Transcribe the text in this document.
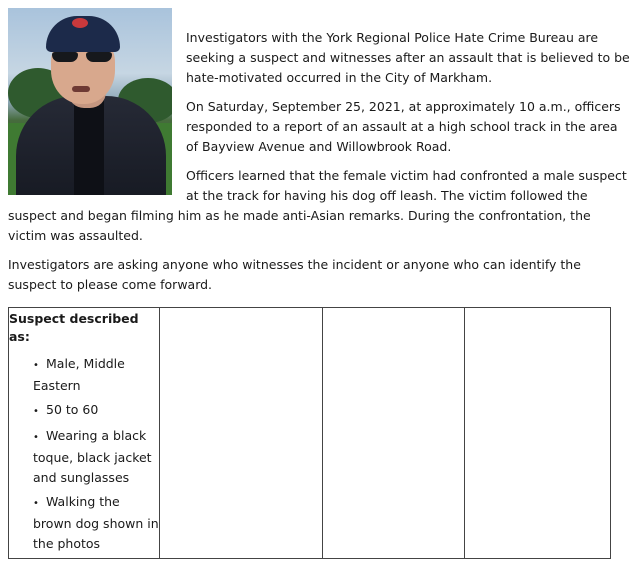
Investigators with the York Regional Police Hate Crime Bureau are seeking a suspect and witnesses after an assault that is believed to be hate-motivated occurred in the City of Markham.

On Saturday, September 25, 2021, at approximately 10 a.m., officers responded to a report of an assault at a high school track in the area of Bayview Avenue and Willowbrook Road.

Officers learned that the female victim had confronted a male suspect at the track for having his dog off leash. The victim followed the suspect and began filming him as he made anti-Asian remarks. During the confrontation, the victim was assaulted.

Investigators are asking anyone who witnesses the incident or anyone who can identify the suspect to please come forward.

Suspect described as:
• Male, Middle Eastern
• 50 to 60
• Wearing a black toque, black jacket and sunglasses
• Walking the brown dog shown in the photos
